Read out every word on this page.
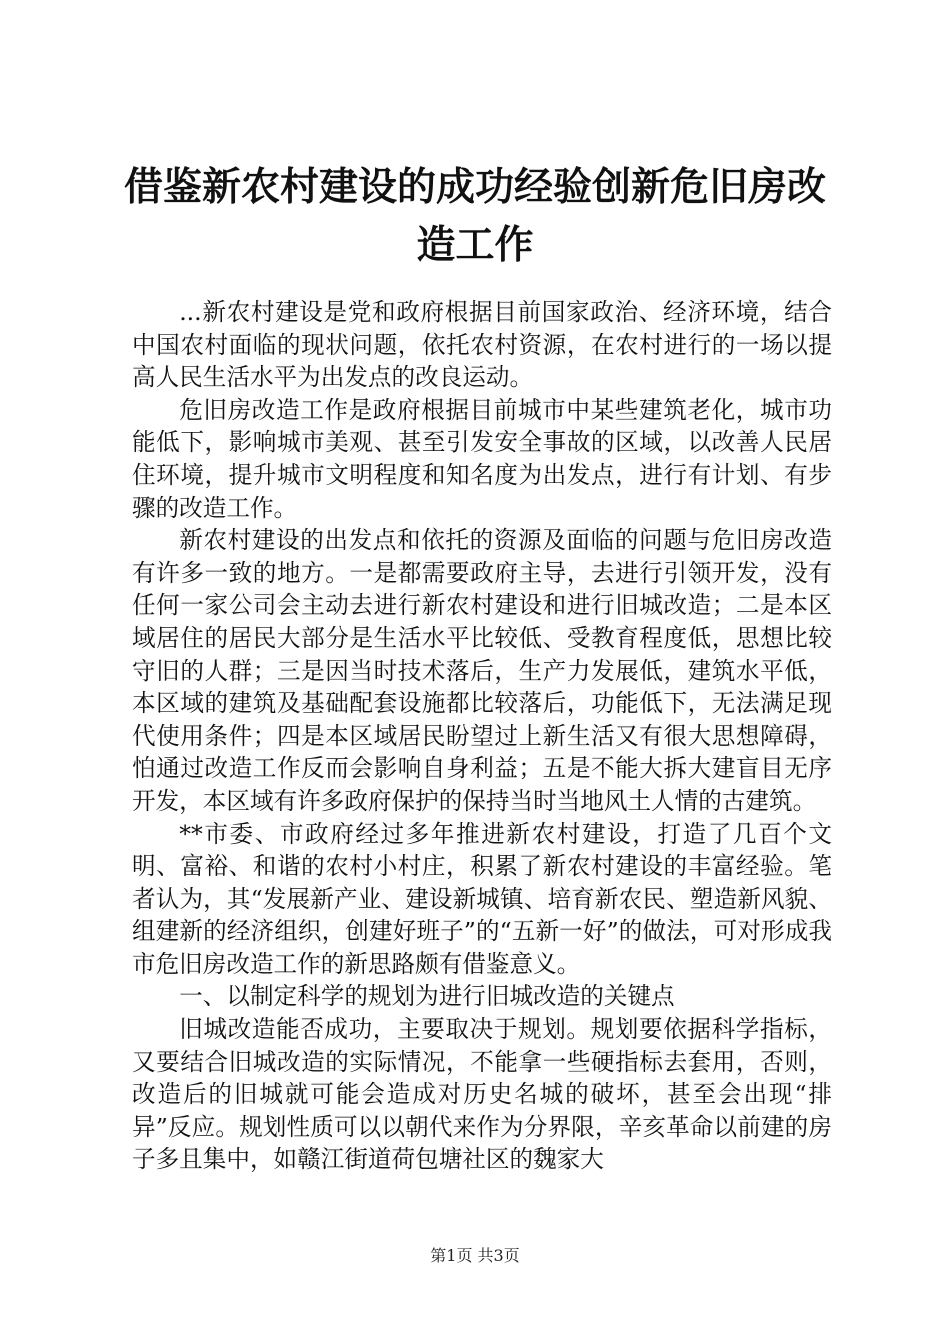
借鉴新农村建设的成功经验创新危旧房改造工作

...新农村建设是党和政府根据目前国家政治、经济环境，结合中国农村面临的现状问题，依托农村资源，在农村进行的一场以提高人民生活水平为出发点的改良运动。

危旧房改造工作是政府根据目前城市中某些建筑老化，城市功能低下，影响城市美观、甚至引发安全事故的区域，以改善人民居住环境，提升城市文明程度和知名度为出发点，进行有计划、有步骤的改造工作。

新农村建设的出发点和依托的资源及面临的问题与危旧房改造有许多一致的地方。一是都需要政府主导，去进行引领开发，没有任何一家公司会主动去进行新农村建设和进行旧城改造；二是本区域居住的居民大部分是生活水平比较低、受教育程度低，思想比较守旧的人群；三是因当时技术落后，生产力发展低，建筑水平低，本区域的建筑及基础配套设施都比较落后，功能低下，无法满足现代使用条件；四是本区域居民盼望过上新生活又有很大思想障碍，怕通过改造工作反而会影响自身利益；五是不能大拆大建盲目无序开发，本区域有许多政府保护的保持当时当地风土人情的古建筑。

**市委、市政府经过多年推进新农村建设，打造了几百个文明、富裕、和谐的农村小村庄，积累了新农村建设的丰富经验。笔者认为，其“发展新产业、建设新城镇、培育新农民、塑造新风貌、组建新的经济组织，创建好班子”的“五新一好”的做法，可对形成我市危旧房改造工作的新思路颇有借鉴意义。

一、以制定科学的规划为进行旧城改造的关键点

旧城改造能否成功，主要取决于规划。规划要依据科学指标，又要结合旧城改造的实际情况，不能拿一些硬指标去套用，否则，改造后的旧城就可能会造成对历史名城的破坏，甚至会出现“排异”反应。规划性质可以以朝代来作为分界限，辛亥革命以前建的房子多且集中，如赣江街道荷包塘社区的魏家大

第1页 共3页
